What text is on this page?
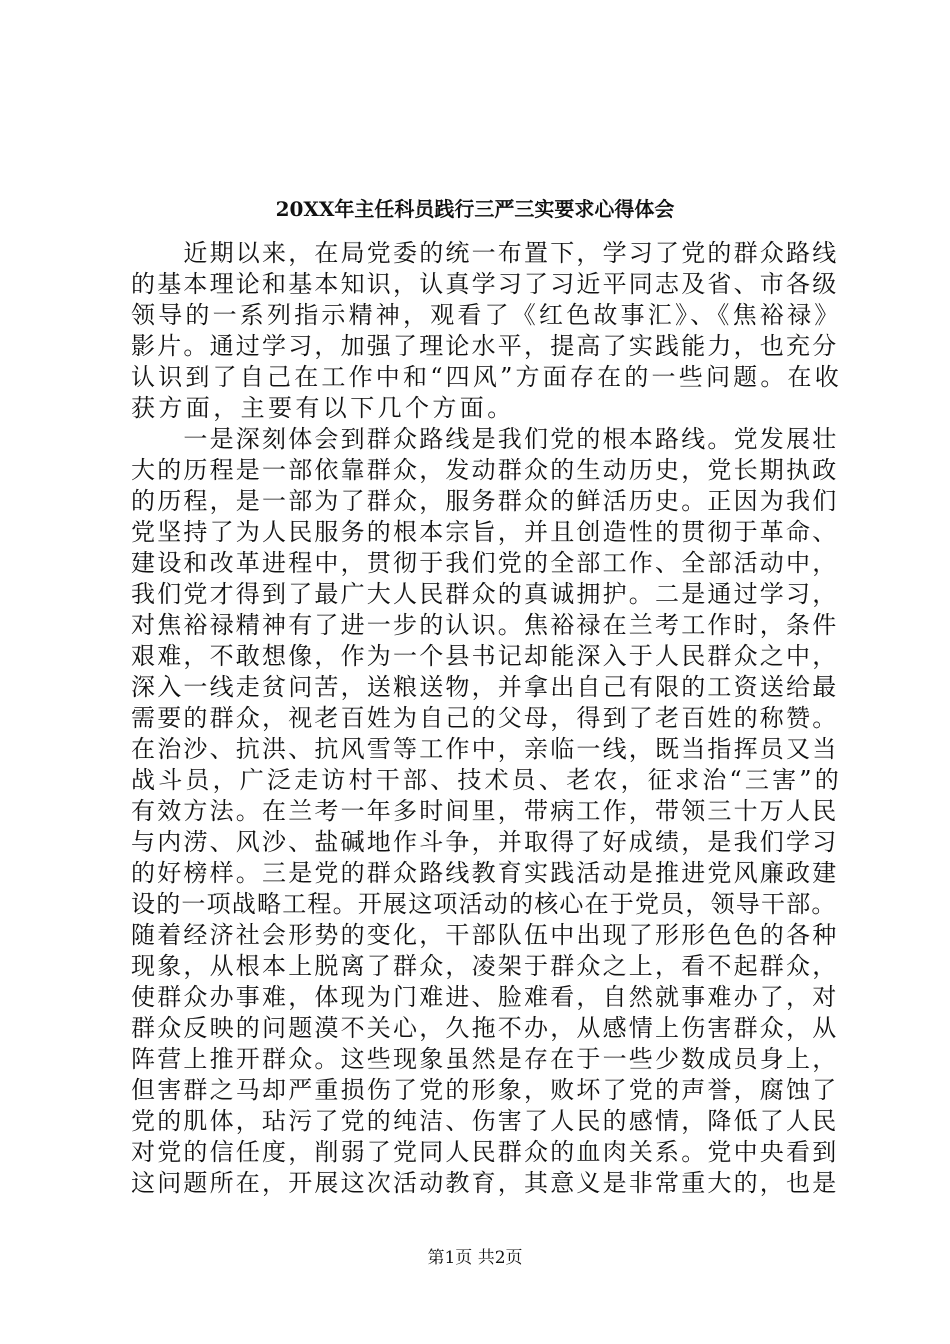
20XX年主任科员践行三严三实要求心得体会
　　近期以来，在局党委的统一布置下，学习了党的群众路线
的基本理论和基本知识，认真学习了习近平同志及省、市各级
领导的一系列指示精神，观看了《红色故事汇》、《焦裕禄》
影片。通过学习，加强了理论水平，提高了实践能力，也充分
认识到了自己在工作中和“四风”方面存在的一些问题。在收
获方面，主要有以下几个方面。
　　一是深刻体会到群众路线是我们党的根本路线。党发展壮
大的历程是一部依靠群众，发动群众的生动历史，党长期执政
的历程，是一部为了群众，服务群众的鲜活历史。正因为我们
党坚持了为人民服务的根本宗旨，并且创造性的贯彻于革命、
建设和改革进程中，贯彻于我们党的全部工作、全部活动中，
我们党才得到了最广大人民群众的真诚拥护。二是通过学习，
对焦裕禄精神有了进一步的认识。焦裕禄在兰考工作时，条件
艰难，不敢想像，作为一个县书记却能深入于人民群众之中，
深入一线走贫问苦，送粮送物，并拿出自己有限的工资送给最
需要的群众，视老百姓为自己的父母，得到了老百姓的称赞。
在治沙、抗洪、抗风雪等工作中，亲临一线，既当指挥员又当
战斗员，广泛走访村干部、技术员、老农，征求治“三害”的
有效方法。在兰考一年多时间里，带病工作，带领三十万人民
与内涝、风沙、盐碱地作斗争，并取得了好成绩，是我们学习
的好榜样。三是党的群众路线教育实践活动是推进党风廉政建
设的一项战略工程。开展这项活动的核心在于党员，领导干部。
随着经济社会形势的变化，干部队伍中出现了形形色色的各种
现象，从根本上脱离了群众，凌架于群众之上，看不起群众，
使群众办事难，体现为门难进、脸难看，自然就事难办了，对
群众反映的问题漠不关心，久拖不办，从感情上伤害群众，从
阵营上推开群众。这些现象虽然是存在于一些少数成员身上，
但害群之马却严重损伤了党的形象，败坏了党的声誉，腐蚀了
党的肌体，玷污了党的纯洁、伤害了人民的感情，降低了人民
对党的信任度，削弱了党同人民群众的血肉关系。党中央看到
这问题所在，开展这次活动教育，其意义是非常重大的，也是
第1页 共2页
